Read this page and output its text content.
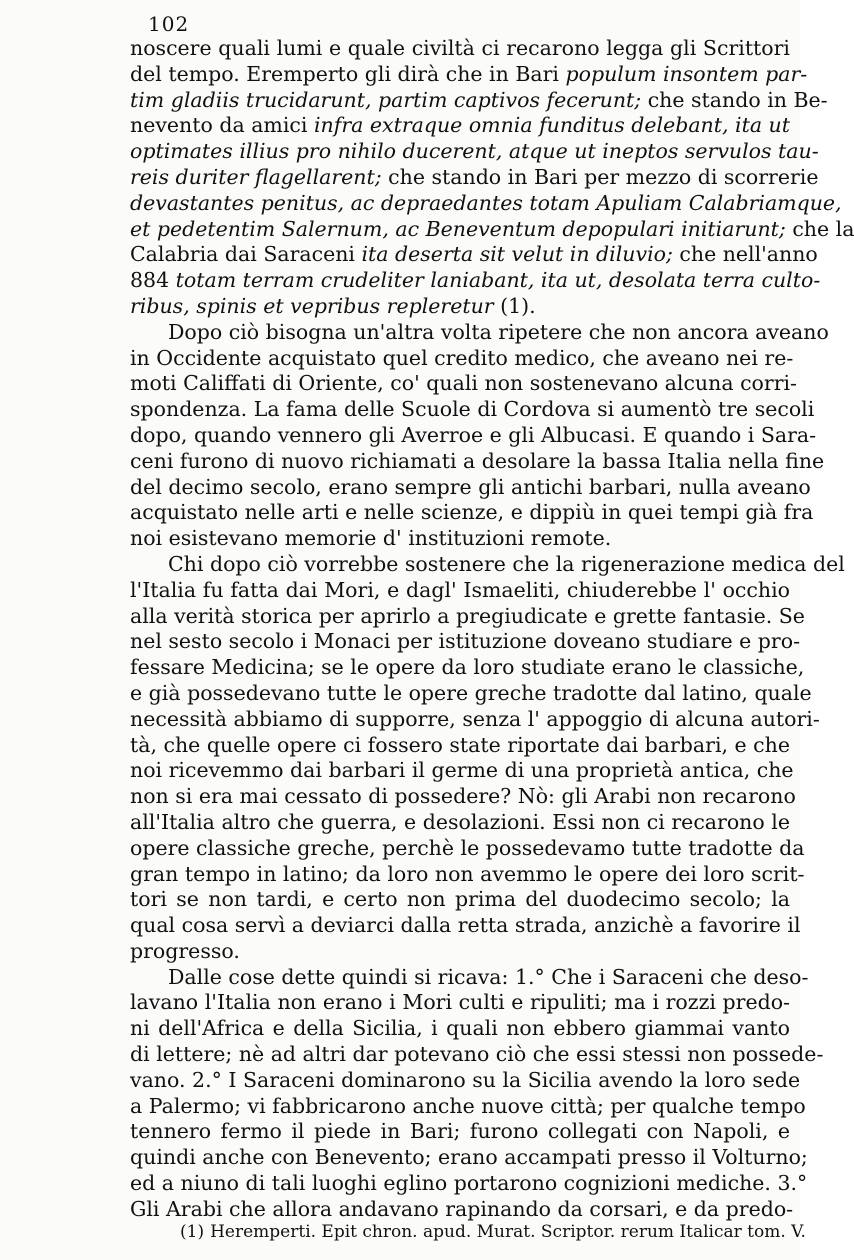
102
noscere quali lumi e quale civiltà ci recarono legga gli Scrittori
del tempo. Eremperto gli dirà che in Bari populum insontem par-
tim gladiis trucidarunt, partim captivos fecerunt; che stando in Be-
nevento da amici infra extraque omnia funditus delebant, ita ut
optimates illius pro nihilo ducerent, atque ut ineptos servulos tau-
reis duriter flagellarent; che stando in Bari per mezzo di scorrerie
devastantes penitus, ac depraedantes totam Apuliam Calabriamque,
et pedetentim Salernum, ac Beneventum depopulari initiarunt; che la
Calabria dai Saraceni ita deserta sit velut in diluvio; che nell'anno
884 totam terram crudeliter laniabant, ita ut, desolata terra culto-
ribus, spinis et vepribus repleretur (1).
Dopo ciò bisogna un'altra volta ripetere che non ancora aveano
in Occidente acquistato quel credito medico, che aveano nei re-
moti Califfati di Oriente, co' quali non sostenevano alcuna corri-
spondenza. La fama delle Scuole di Cordova si aumentò tre secoli
dopo, quando vennero gli Averroe e gli Albucasi. E quando i Sara-
ceni furono di nuovo richiamati a desolare la bassa Italia nella fine
del decimo secolo, erano sempre gli antichi barbari, nulla aveano
acquistato nelle arti e nelle scienze, e dippiù in quei tempi già fra
noi esistevano memorie d' instituzioni remote.
Chi dopo ciò vorrebbe sostenere che la rigenerazione medica del
l'Italia fu fatta dai Mori, e dagl' Ismaeliti, chiuderebbe l' occhio
alla verità storica per aprirlo a pregiudicate e grette fantasie. Se
nel sesto secolo i Monaci per istituzione doveano studiare e pro-
fessare Medicina; se le opere da loro studiate erano le classiche,
e già possedevano tutte le opere greche tradotte dal latino, quale
necessità abbiamo di supporre, senza l' appoggio di alcuna autori-
tà, che quelle opere ci fossero state riportate dai barbari, e che
noi ricevemmo dai barbari il germe di una proprietà antica, che
non si era mai cessato di possedere? Nò: gli Arabi non recarono
all'Italia altro che guerra, e desolazioni. Essi non ci recarono le
opere classiche greche, perchè le possedevamo tutte tradotte da
gran tempo in latino; da loro non avemmo le opere dei loro scrit-
tori se non tardi, e certo non prima del duodecimo secolo; la
qual cosa servì a deviarci dalla retta strada, anzichè a favorire il
progresso.
Dalle cose dette quindi si ricava: 1.° Che i Saraceni che deso-
lavano l'Italia non erano i Mori culti e ripuliti; ma i rozzi predo-
ni dell'Africa e della Sicilia, i quali non ebbero giammai vanto
di lettere; nè ad altri dar potevano ciò che essi stessi non possede-
vano. 2.° I Saraceni dominarono su la Sicilia avendo la loro sede
a Palermo; vi fabbricarono anche nuove città; per qualche tempo
tennero fermo il piede in Bari; furono collegati con Napoli, e
quindi anche con Benevento; erano accampati presso il Volturno;
ed a niuno di tali luoghi eglino portarono cognizioni mediche. 3.°
Gli Arabi che allora andavano rapinando da corsari, e da predo-
(1) Heremperti. Epit chron. apud. Murat. Scriptor. rerum Italicar tom. V.
